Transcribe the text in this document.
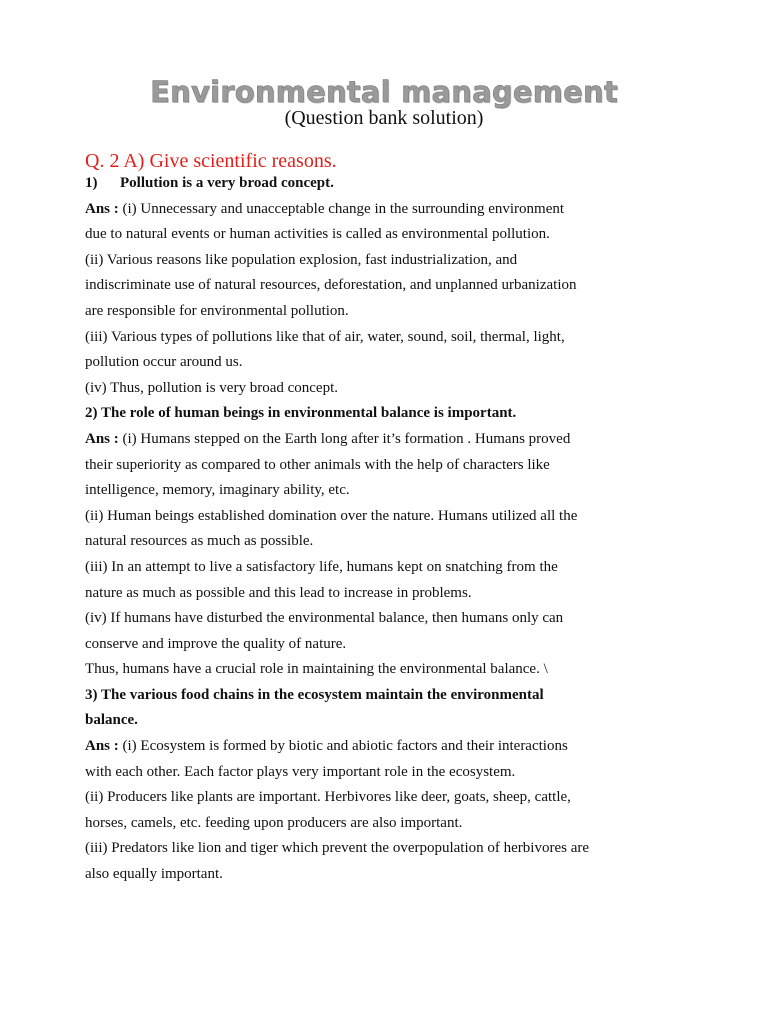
Environmental management
(Question bank solution)
Q. 2 A) Give scientific reasons.

1) Pollution is a very broad concept.

Ans : (i) Unnecessary and unacceptable change in the surrounding environment

due to natural events or human activities is called as environmental pollution.

(ii) Various reasons like population explosion, fast industrialization, and

indiscriminate use of natural resources, deforestation, and unplanned urbanization

are responsible for environmental pollution.

(iii) Various types of pollutions like that of air, water, sound, soil, thermal, light,

pollution occur around us.

(iv) Thus, pollution is very broad concept.

2) The role of human beings in environmental balance is important.

Ans : (i) Humans stepped on the Earth long after it’s formation . Humans proved

their superiority as compared to other animals with the help of characters like

intelligence, memory, imaginary ability, etc.

(ii) Human beings established domination over the nature. Humans utilized all the

natural resources as much as possible.

(iii) In an attempt to live a satisfactory life, humans kept on snatching from the

nature as much as possible and this lead to increase in problems.

(iv) If humans have disturbed the environmental balance, then humans only can

conserve and improve the quality of nature.

Thus, humans have a crucial role in maintaining the environmental balance. \

3) The various food chains in the ecosystem maintain the environmental

balance.

Ans : (i) Ecosystem is formed by biotic and abiotic factors and their interactions

with each other. Each factor plays very important role in the ecosystem.

(ii) Producers like plants are important. Herbivores like deer, goats, sheep, cattle,

horses, camels, etc. feeding upon producers are also important.

(iii) Predators like lion and tiger which prevent the overpopulation of herbivores are

also equally important.
